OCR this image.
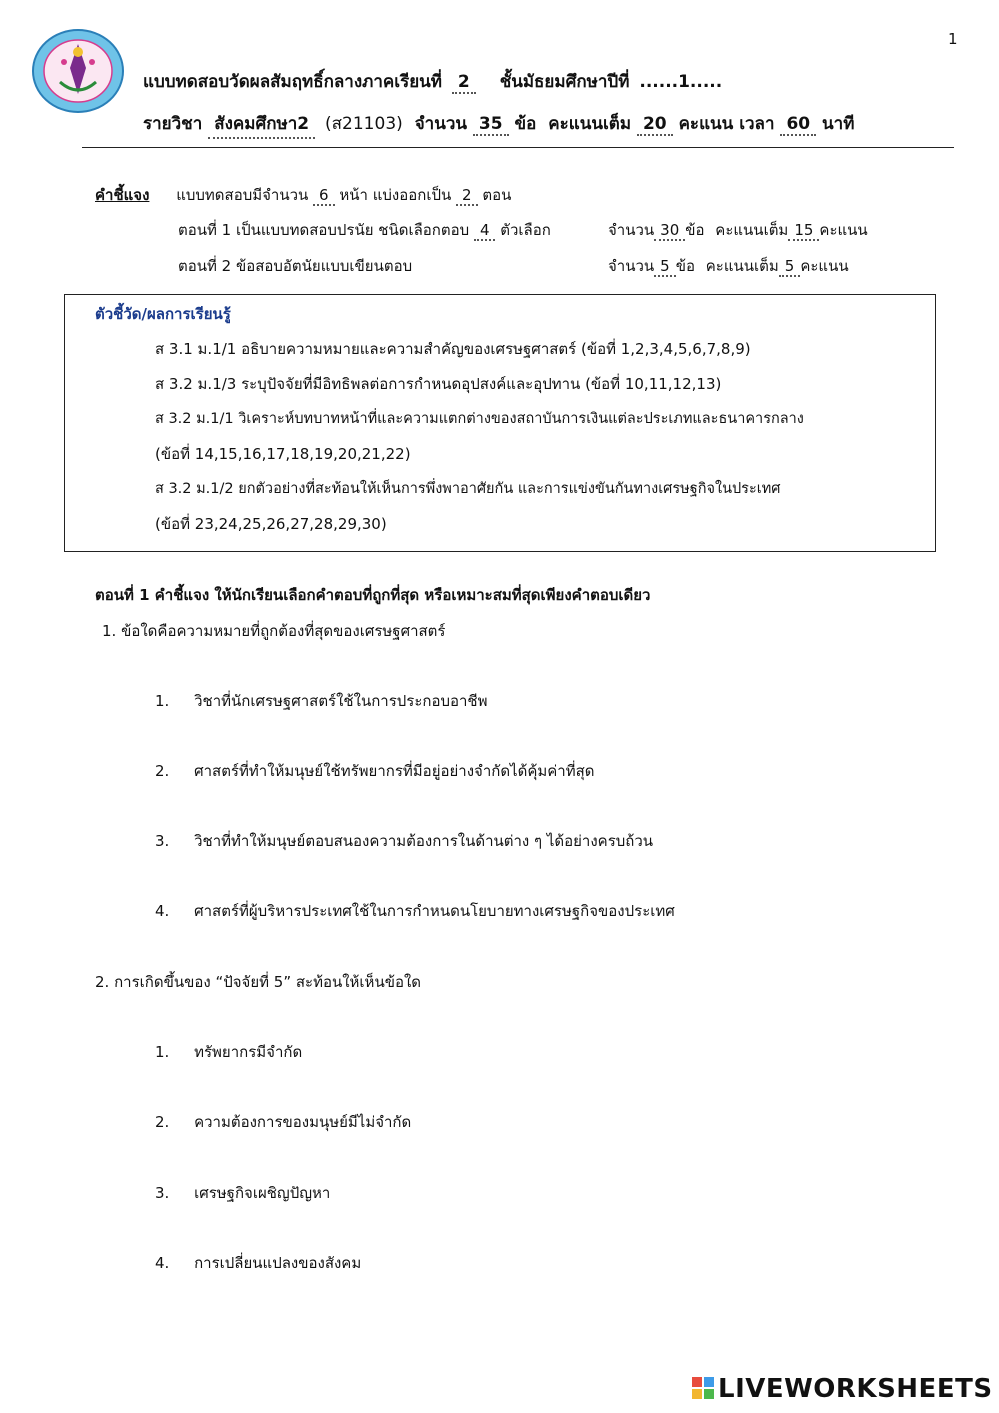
1
แบบทดสอบวัดผลสัมฤทธิ์กลางภาคเรียนที่ 2 ชั้นมัธยมศึกษาปีที่ ......1.....
รายวิชา สังคมศึกษา2 (ส21103) จำนวน 35 ข้อ คะแนนเต็ม 20 คะแนน เวลา 60 นาที
คำชี้แจง แบบทดสอบมีจำนวน 6 หน้า แบ่งออกเป็น 2 ตอน
ตอนที่ 1 เป็นแบบทดสอบปรนัย ชนิดเลือกตอบ 4 ตัวเลือก	จำนวน 30 ข้อ คะแนนเต็ม 15 คะแนน
ตอนที่ 2 ข้อสอบอัตนัยแบบเขียนตอบ	จำนวน 5 ข้อ คะแนนเต็ม 5 คะแนน
ตัวชี้วัด/ผลการเรียนรู้
ส 3.1 ม.1/1 อธิบายความหมายและความสำคัญของเศรษฐศาสตร์ (ข้อที่ 1,2,3,4,5,6,7,8,9)
ส 3.2 ม.1/3 ระบุปัจจัยที่มีอิทธิพลต่อการกำหนดอุปสงค์และอุปทาน (ข้อที่ 10,11,12,13)
ส 3.2 ม.1/1 วิเคราะห์บทบาทหน้าที่และความแตกต่างของสถาบันการเงินแต่ละประเภทและธนาคารกลาง
(ข้อที่ 14,15,16,17,18,19,20,21,22)
ส 3.2 ม.1/2 ยกตัวอย่างที่สะท้อนให้เห็นการพึ่งพาอาศัยกัน และการแข่งขันกันทางเศรษฐกิจในประเทศ
(ข้อที่ 23,24,25,26,27,28,29,30)
ตอนที่ 1 คำชี้แจง ให้นักเรียนเลือกคำตอบที่ถูกที่สุด หรือเหมาะสมที่สุดเพียงคำตอบเดียว
1. ข้อใดคือความหมายที่ถูกต้องที่สุดของเศรษฐศาสตร์
1. วิชาที่นักเศรษฐศาสตร์ใช้ในการประกอบอาชีพ
2. ศาสตร์ที่ทำให้มนุษย์ใช้ทรัพยากรที่มีอยู่อย่างจำกัดได้คุ้มค่าที่สุด
3. วิชาที่ทำให้มนุษย์ตอบสนองความต้องการในด้านต่าง ๆ ได้อย่างครบถ้วน
4. ศาสตร์ที่ผู้บริหารประเทศใช้ในการกำหนดนโยบายทางเศรษฐกิจของประเทศ
2. การเกิดขึ้นของ “ปัจจัยที่ 5” สะท้อนให้เห็นข้อใด
1. ทรัพยากรมีจำกัด
2. ความต้องการของมนุษย์มีไม่จำกัด
3. เศรษฐกิจเผชิญปัญหา
4. การเปลี่ยนแปลงของสังคม
LIVEWORKSHEETS
